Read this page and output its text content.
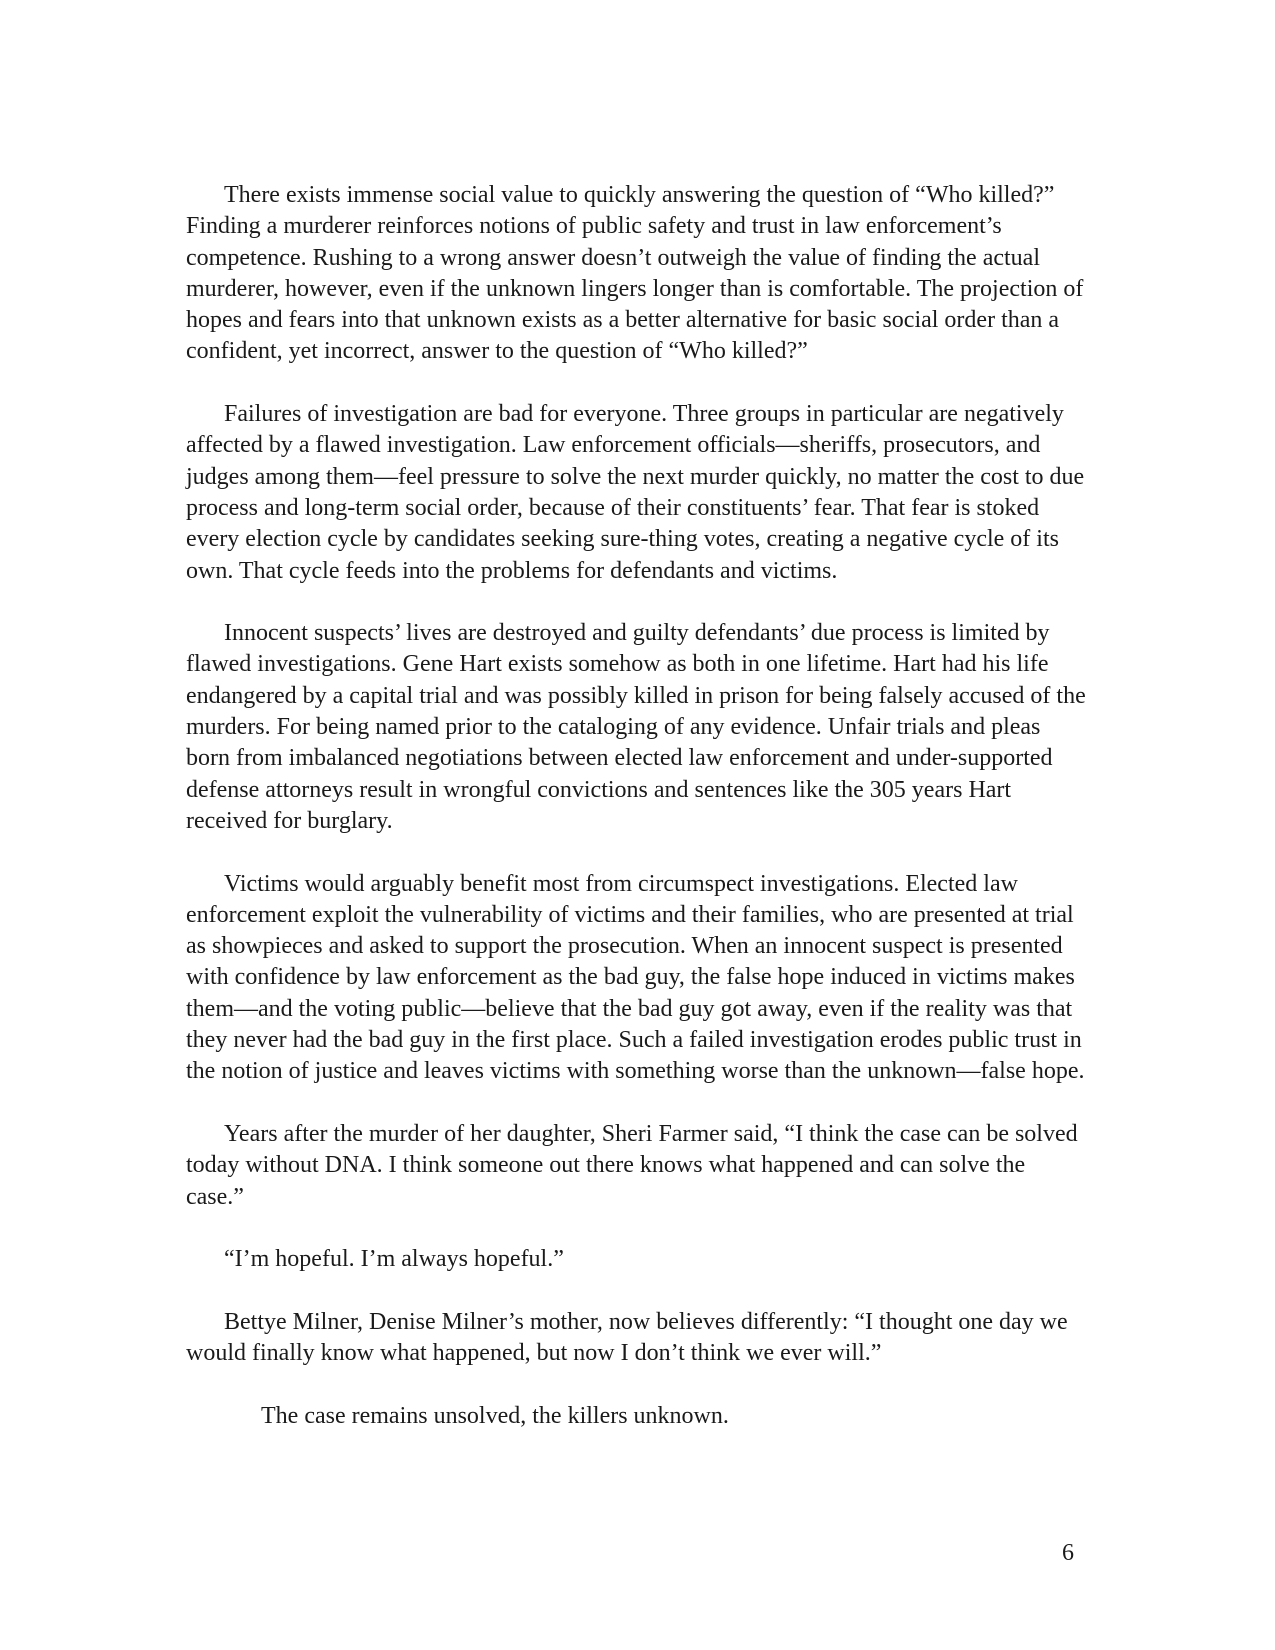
There exists immense social value to quickly answering the question of “Who killed?” Finding a murderer reinforces notions of public safety and trust in law enforcement’s competence. Rushing to a wrong answer doesn’t outweigh the value of finding the actual murderer, however, even if the unknown lingers longer than is comfortable. The projection of hopes and fears into that unknown exists as a better alternative for basic social order than a confident, yet incorrect, answer to the question of “Who killed?”

Failures of investigation are bad for everyone. Three groups in particular are negatively affected by a flawed investigation. Law enforcement officials—sheriffs, prosecutors, and judges among them—feel pressure to solve the next murder quickly, no matter the cost to due process and long-term social order, because of their constituents’ fear. That fear is stoked every election cycle by candidates seeking sure-thing votes, creating a negative cycle of its own. That cycle feeds into the problems for defendants and victims.

Innocent suspects’ lives are destroyed and guilty defendants’ due process is limited by flawed investigations. Gene Hart exists somehow as both in one lifetime. Hart had his life endangered by a capital trial and was possibly killed in prison for being falsely accused of the murders. For being named prior to the cataloging of any evidence. Unfair trials and pleas born from imbalanced negotiations between elected law enforcement and under-supported defense attorneys result in wrongful convictions and sentences like the 305 years Hart received for burglary.

Victims would arguably benefit most from circumspect investigations. Elected law enforcement exploit the vulnerability of victims and their families, who are presented at trial as showpieces and asked to support the prosecution. When an innocent suspect is presented with confidence by law enforcement as the bad guy, the false hope induced in victims makes them—and the voting public—believe that the bad guy got away, even if the reality was that they never had the bad guy in the first place. Such a failed investigation erodes public trust in the notion of justice and leaves victims with something worse than the unknown—false hope.

Years after the murder of her daughter, Sheri Farmer said, “I think the case can be solved today without DNA. I think someone out there knows what happened and can solve the case.”

“I’m hopeful. I’m always hopeful.”

Bettye Milner, Denise Milner’s mother, now believes differently: “I thought one day we would finally know what happened, but now I don’t think we ever will.”

The case remains unsolved, the killers unknown.

6
